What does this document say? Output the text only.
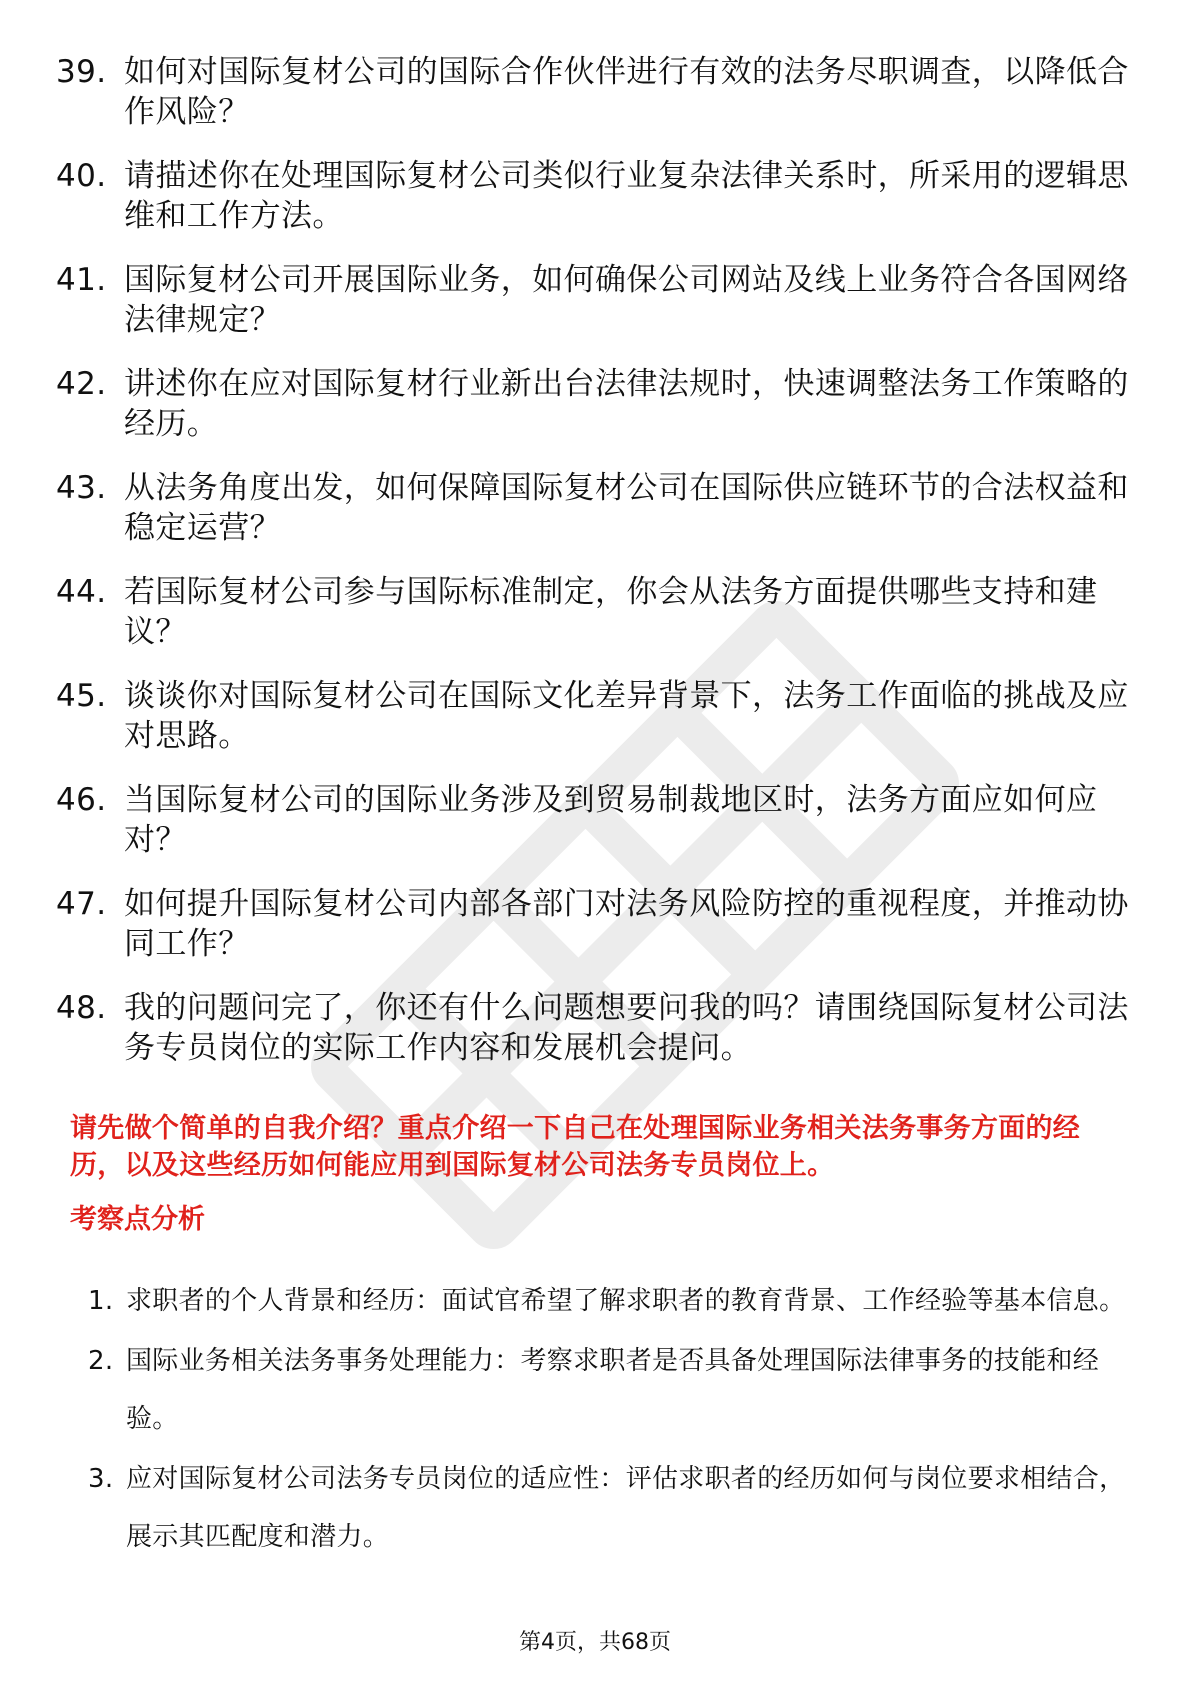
39. 如何对国际复材公司的国际合作伙伴进行有效的法务尽职调查，以降低合作风险？
40. 请描述你在处理国际复材公司类似行业复杂法律关系时，所采用的逻辑思维和工作方法。
41. 国际复材公司开展国际业务，如何确保公司网站及线上业务符合各国网络法律规定？
42. 讲述你在应对国际复材行业新出台法律法规时，快速调整法务工作策略的经历。
43. 从法务角度出发，如何保障国际复材公司在国际供应链环节的合法权益和稳定运营？
44. 若国际复材公司参与国际标准制定，你会从法务方面提供哪些支持和建议？
45. 谈谈你对国际复材公司在国际文化差异背景下，法务工作面临的挑战及应对思路。
46. 当国际复材公司的国际业务涉及到贸易制裁地区时，法务方面应如何应对？
47. 如何提升国际复材公司内部各部门对法务风险防控的重视程度，并推动协同工作？
48. 我的问题问完了，你还有什么问题想要问我的吗？请围绕国际复材公司法务专员岗位的实际工作内容和发展机会提问。
请先做个简单的自我介绍？重点介绍一下自己在处理国际业务相关法务事务方面的经历，以及这些经历如何能应用到国际复材公司法务专员岗位上。
考察点分析
1. 求职者的个人背景和经历：面试官希望了解求职者的教育背景、工作经验等基本信息。
2. 国际业务相关法务事务处理能力：考察求职者是否具备处理国际法律事务的技能和经验。
3. 应对国际复材公司法务专员岗位的适应性：评估求职者的经历如何与岗位要求相结合，展示其匹配度和潜力。
第4页，共68页
